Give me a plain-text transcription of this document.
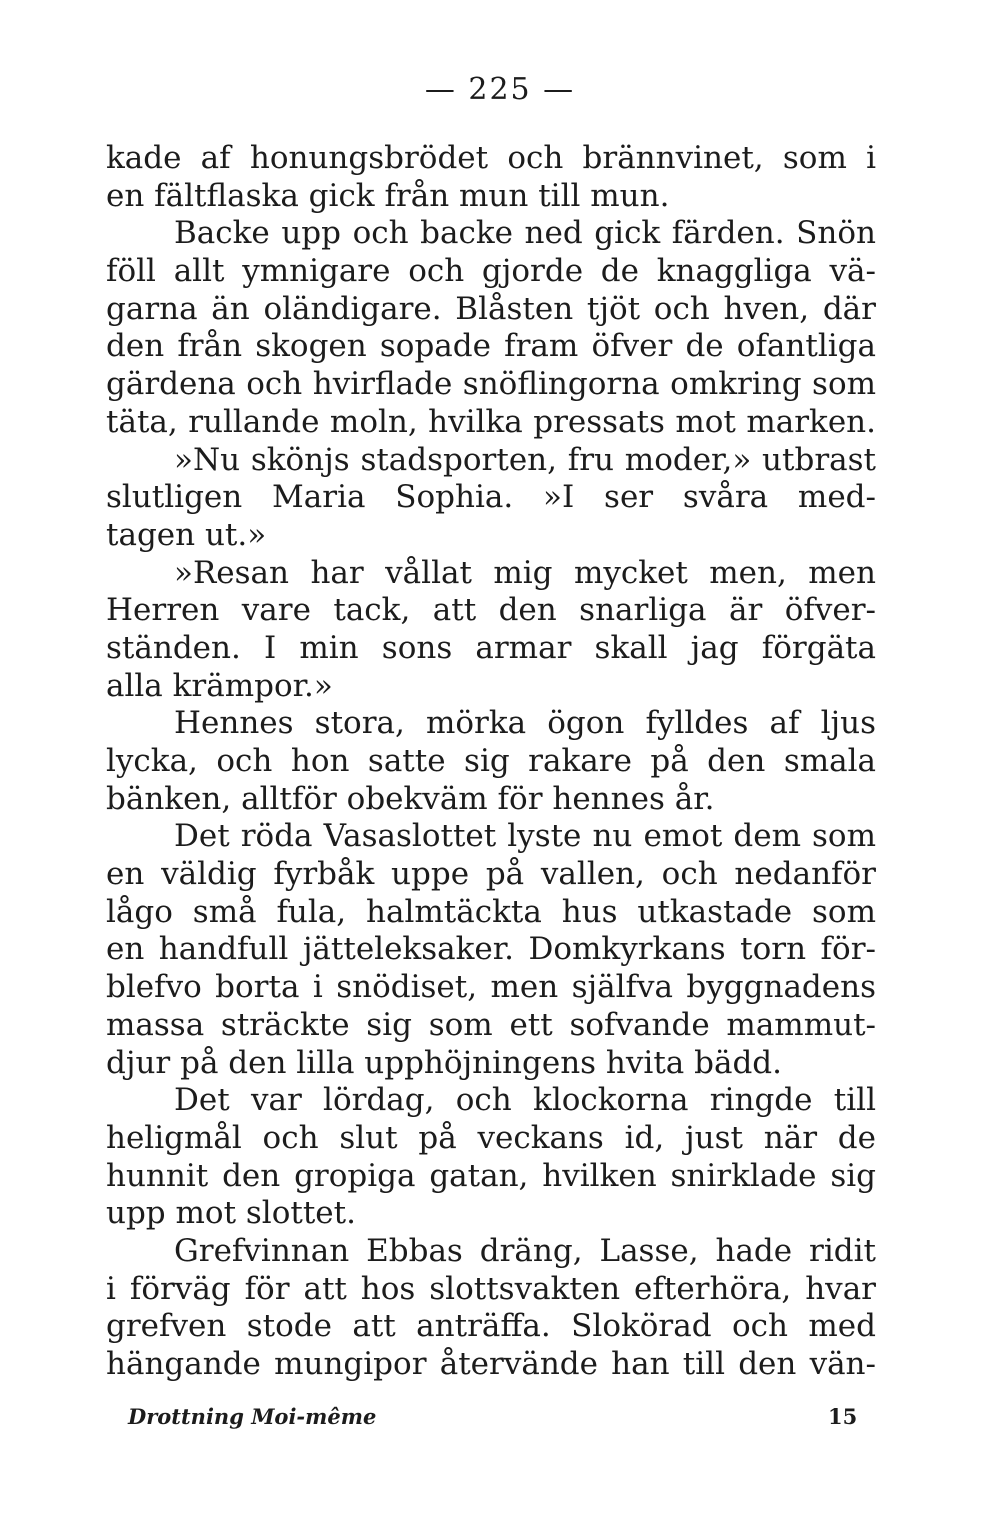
— 225 —
kade af honungsbrödet och brännvinet, som i
en fältflaska gick från mun till mun.
Backe upp och backe ned gick färden. Snön
föll allt ymnigare och gjorde de knaggliga vä-
garna än oländigare. Blåsten tjöt och hven, där
den från skogen sopade fram öfver de ofantliga
gärdena och hvirflade snöflingorna omkring som
täta, rullande moln, hvilka pressats mot marken.
»Nu skönjs stadsporten, fru moder,» utbrast
slutligen Maria Sophia. »I ser svåra med-
tagen ut.»
»Resan har vållat mig mycket men, men
Herren vare tack, att den snarliga är öfver-
ständen. I min sons armar skall jag förgäta
alla krämpor.»
Hennes stora, mörka ögon fylldes af ljus
lycka, och hon satte sig rakare på den smala
bänken, alltför obekväm för hennes år.
Det röda Vasaslottet lyste nu emot dem som
en väldig fyrbåk uppe på vallen, och nedanför
lågo små fula, halmtäckta hus utkastade som
en handfull jätteleksaker. Domkyrkans torn för-
blefvo borta i snödiset, men själfva byggnadens
massa sträckte sig som ett sofvande mammut-
djur på den lilla upphöjningens hvita bädd.
Det var lördag, och klockorna ringde till
heligmål och slut på veckans id, just när de
hunnit den gropiga gatan, hvilken snirklade sig
upp mot slottet.
Grefvinnan Ebbas dräng, Lasse, hade ridit
i förväg för att hos slottsvakten efterhöra, hvar
grefven stode att anträffa. Slokörad och med
hängande mungipor återvände han till den vän-
Drottning Moi-même	15
